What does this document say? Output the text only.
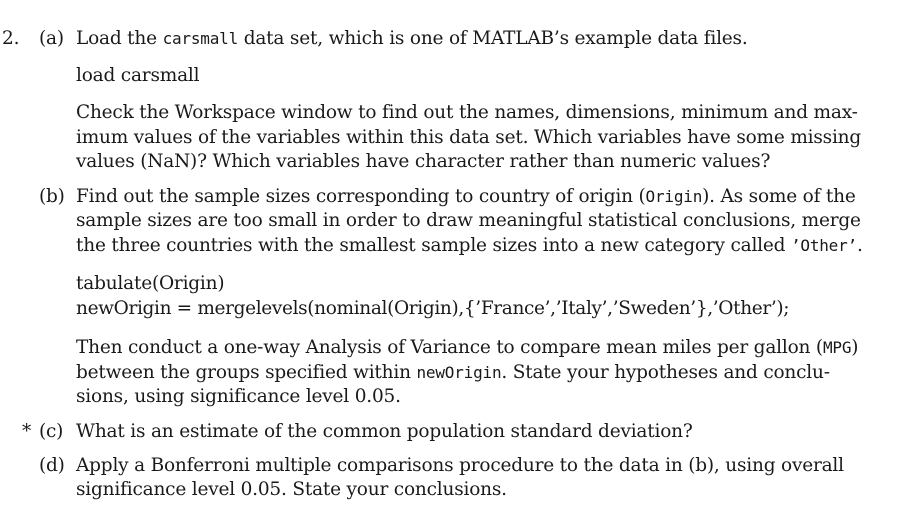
2. (a) Load the carsmall data set, which is one of MATLAB’s example data files.
load carsmall
Check the Workspace window to find out the names, dimensions, minimum and max-
imum values of the variables within this data set. Which variables have some missing
values (NaN)? Which variables have character rather than numeric values?
(b) Find out the sample sizes corresponding to country of origin (Origin). As some of the
sample sizes are too small in order to draw meaningful statistical conclusions, merge
the three countries with the smallest sample sizes into a new category called ’Other’.
tabulate(Origin)
newOrigin = mergelevels(nominal(Origin),{’France’,’Italy’,’Sweden’},’Other’);
Then conduct a one-way Analysis of Variance to compare mean miles per gallon (MPG)
between the groups specified within newOrigin. State your hypotheses and conclu-
sions, using significance level 0.05.
* (c) What is an estimate of the common population standard deviation?
(d) Apply a Bonferroni multiple comparisons procedure to the data in (b), using overall
significance level 0.05. State your conclusions.
